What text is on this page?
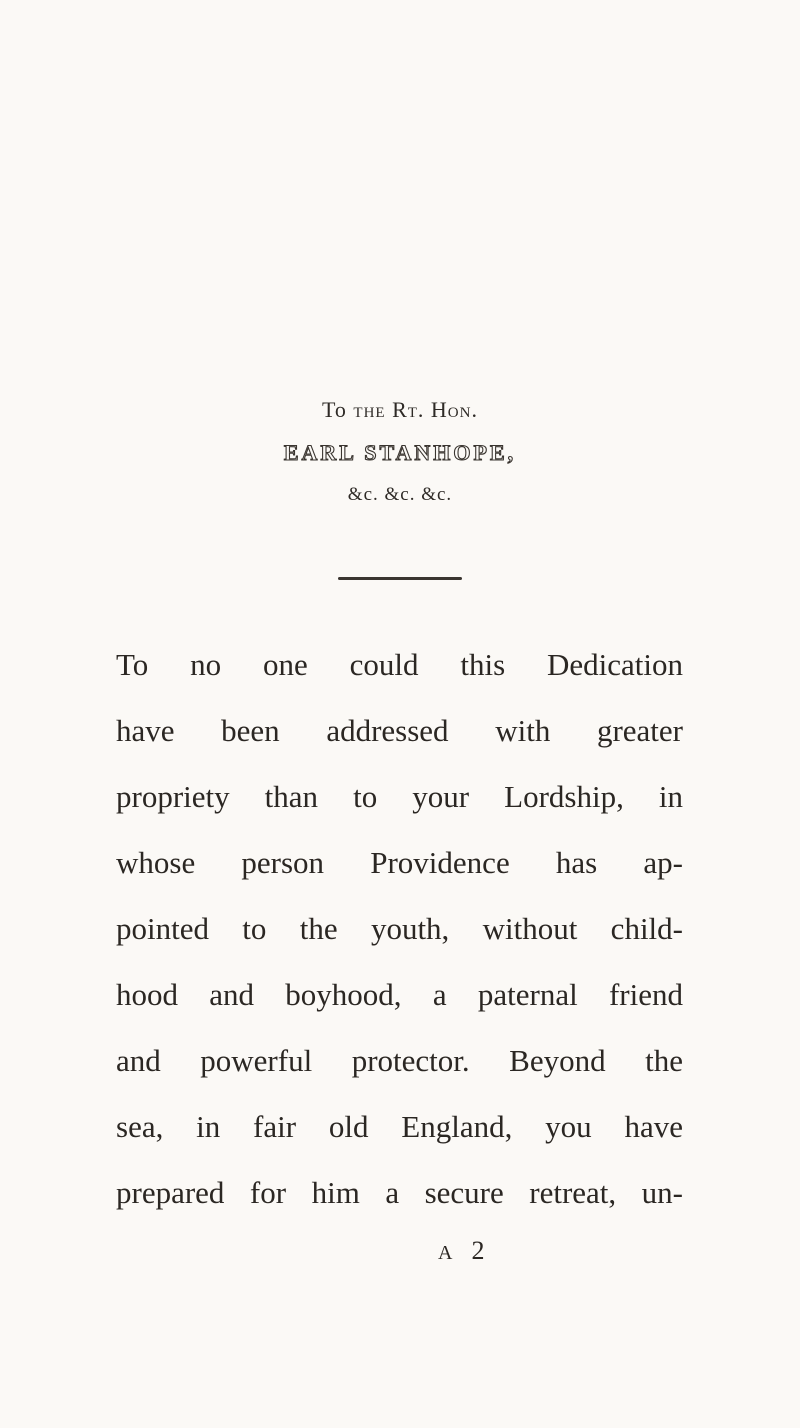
To the Rt. Hon.
EARL STANHOPE,
&c. &c. &c.
To no one could this Dedication
have been addressed with greater
propriety than to your Lordship, in
whose person Providence has ap-
pointed to the youth, without child-
hood and boyhood, a paternal friend
and powerful protector. Beyond the
sea, in fair old England, you have
prepared for him a secure retreat, un-
A 2
